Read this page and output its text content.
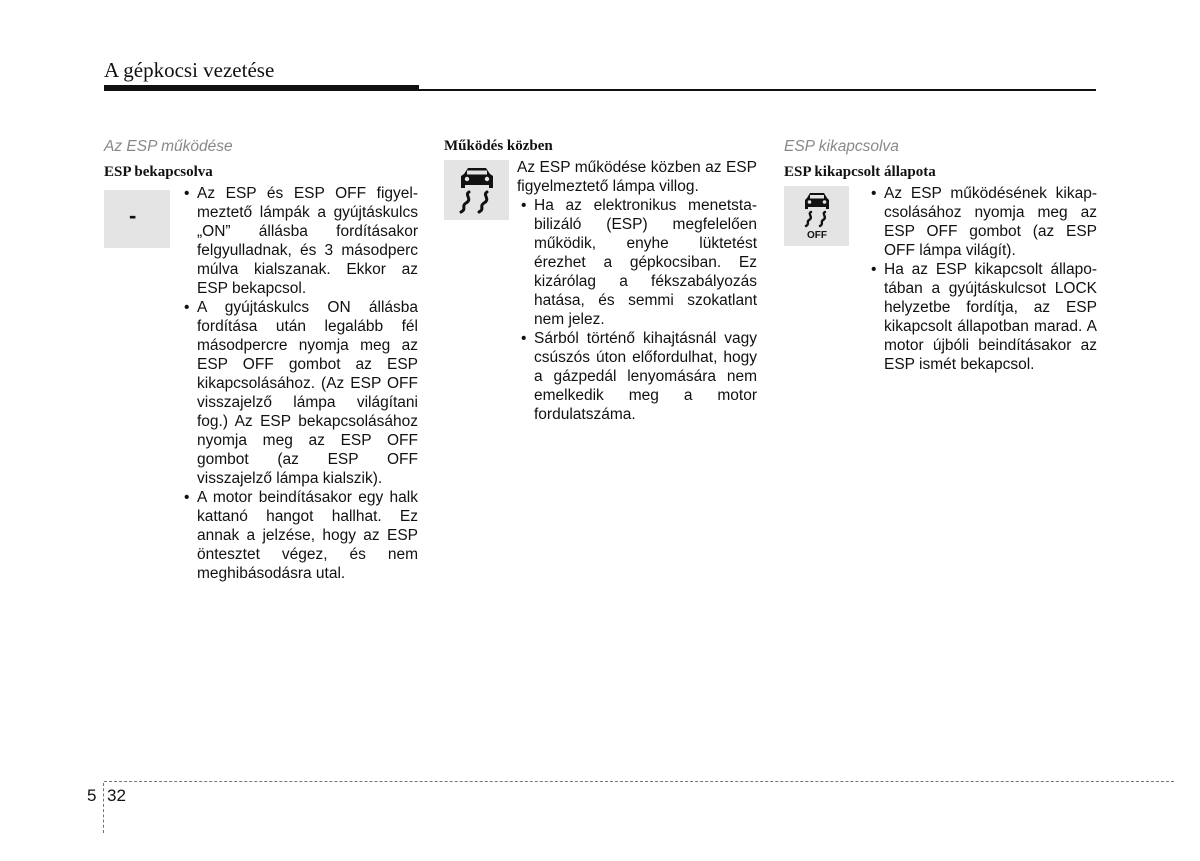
A gépkocsi vezetése
Az ESP működése
ESP bekapcsolva
-
• Az ESP és ESP OFF figyelmeztető lámpák a gyújtáskulcs „ON” állásba fordításakor felgyulladnak, és 3 másodperc múlva kialszanak. Ekkor az ESP bekapcsol.
• A gyújtáskulcs ON állásba fordítása után legalább fél másodpercre nyomja meg az ESP OFF gombot az ESP kikapcsolásához. (Az ESP OFF visszajelző lámpa világítani fog.) Az ESP bekapcsolásához nyomja meg az ESP OFF gombot (az ESP OFF visszajelző lámpa kialszik).
• A motor beindításakor egy halk kattanó hangot hallhat. Ez annak a jelzése, hogy az ESP öntesztet végez, és nem meghibásodásra utal.
Működés közben

Az ESP működése közben az ESP figyelmeztető lámpa villog.

• Ha az elektronikus menetstabilizáló (ESP) megfelelően működik, enyhe lüktetést érezhet a gépkocsiban. Ez kizárólag a fékszabályozás hatása, és semmi szokatlant nem jelez.
• Sárból történő kihajtásnál vagy csúszós úton előfordulhat, hogy a gázpedál lenyomására nem emelkedik meg a motor fordulatszáma.
ESP kikapcsolva
ESP kikapcsolt állapota
OFF
• Az ESP működésének kikapcsolásához nyomja meg az ESP OFF gombot (az ESP OFF lámpa világít).
• Ha az ESP kikapcsolt állapotában a gyújtáskulcsot LOCK helyzetbe fordítja, az ESP kikapcsolt állapotban marad. A motor újbóli beindításakor az ESP ismét bekapcsol.
5 32
